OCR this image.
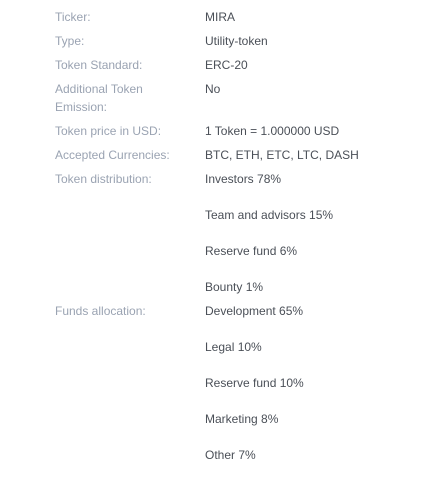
Ticker:	MIRA
Type:	Utility-token
Token Standard:	ERC-20
Additional Token
Emission:
No
Token price in USD:	1 Token = 1.000000 USD
Accepted Currencies:	BTC, ETH, ETC, LTC, DASH
Token distribution:	Investors 78%
Team and advisors 15%
Reserve fund 6%
Bounty 1%
Funds allocation:	Development 65%
Legal 10%
Reserve fund 10%
Marketing 8%
Other 7%
